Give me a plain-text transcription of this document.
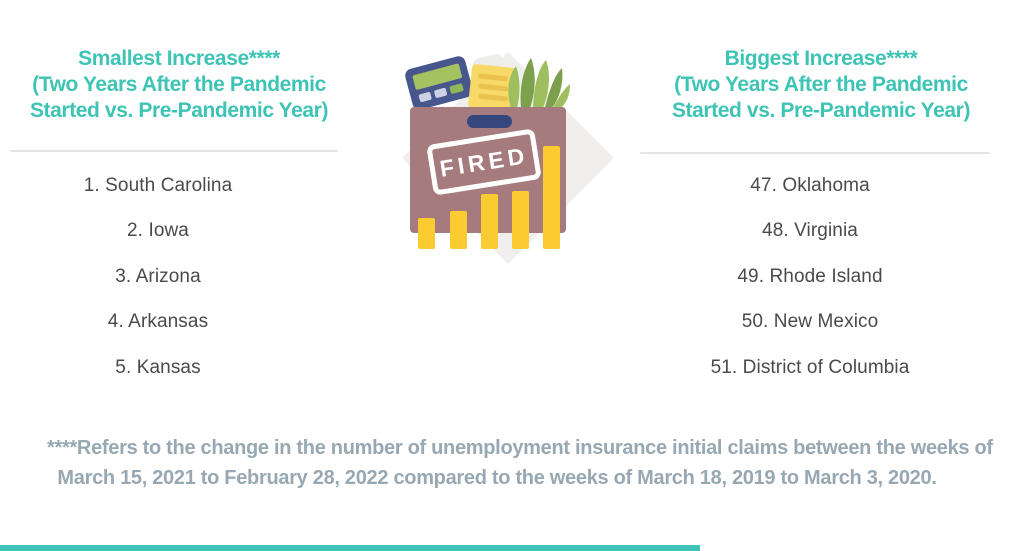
Smallest Increase****
(Two Years After the Pandemic
Started vs. Pre-Pandemic Year)
1. South Carolina
2. Iowa
3. Arizona
4. Arkansas
5. Kansas
Biggest Increase****
(Two Years After the Pandemic
Started vs. Pre-Pandemic Year)
47. Oklahoma
48. Virginia
49. Rhode Island
50. New Mexico
51. District of Columbia
FIRED
****Refers to the change in the number of unemployment insurance initial claims between the weeks of
March 15, 2021 to February 28, 2022 compared to the weeks of March 18, 2019 to March 3, 2020.
